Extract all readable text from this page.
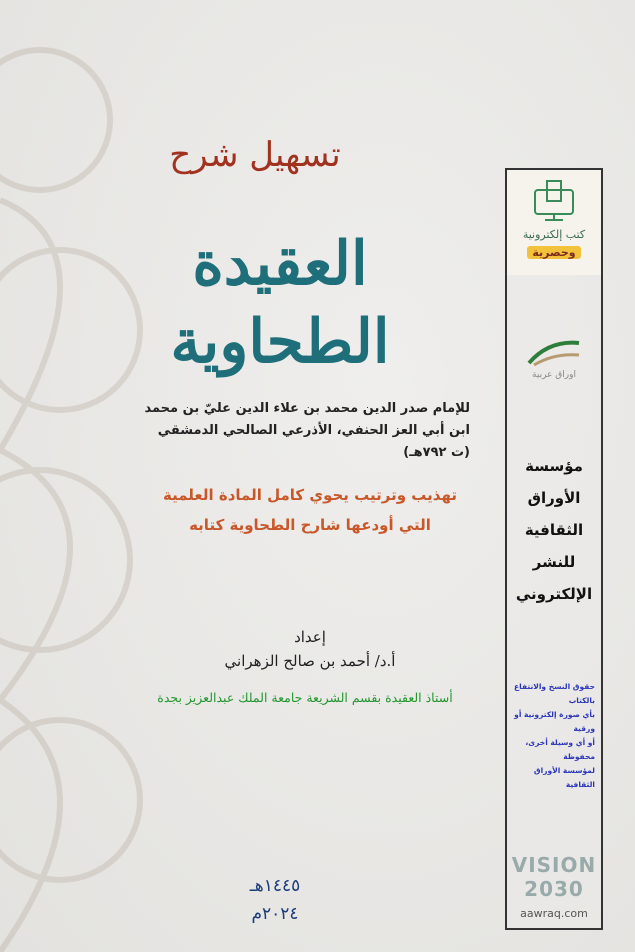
تسهيل شرح
العقيدة الطحاوية
للإمام صدر الدين محمد بن علاء الدين عليّ بن محمد
ابن أبي العز الحنفي، الأذرعي الصالحي الدمشقي (ت ٧٩٢هـ)
تهذيب وترتيب يحوي كامل المادة العلمية
التي أودعها شارح الطحاوية كتابه
إعداد
أ.د/ أحمد بن صالح الزهراني
أستاذ العقيدة بقسم الشريعة جامعة الملك عبدالعزيز بجدة
١٤٤٥هـ
٢٠٢٤م
كتب إلكترونية
وحصرية
اوراق عربية
مؤسسة
الأوراق
الثقافية
للنشر
الإلكتروني
حقوق النسخ والانتفاع بالكتاب
بأي صورة إلكترونية أو ورقية
أو أي وسيلة أخرى، محفوظة
لمؤسسة الأوراق الثقافية
VISION 2030
aawraq.com
